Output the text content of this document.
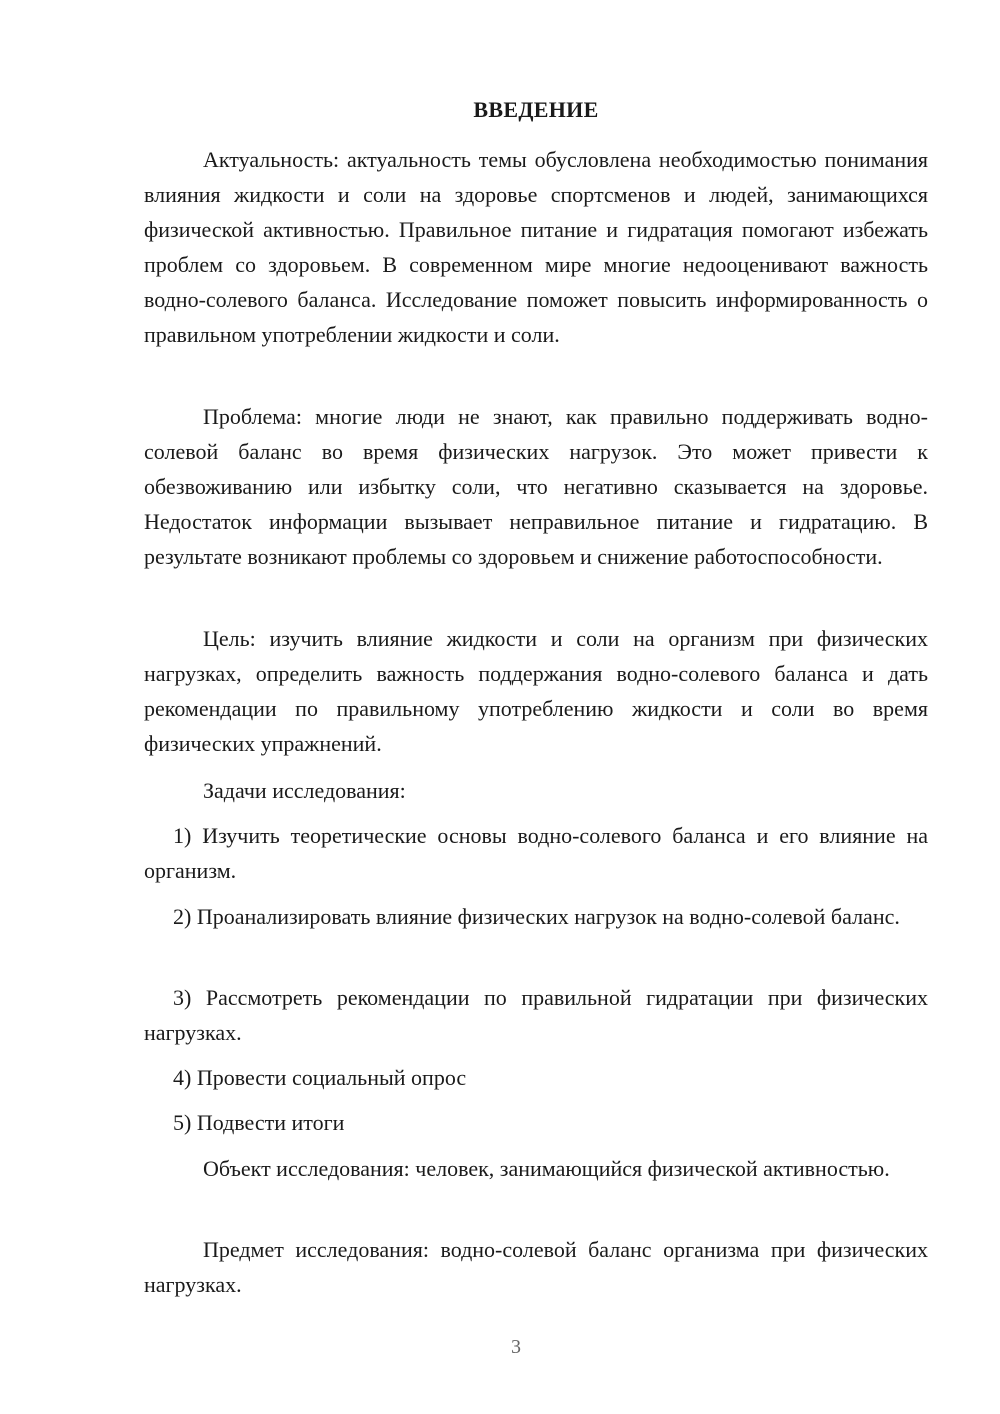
ВВЕДЕНИЕ

Актуальность: актуальность темы обусловлена необходимостью понимания влияния жидкости и соли на здоровье спортсменов и людей, занимающихся физической активностью. Правильное питание и гидратация помогают избежать проблем со здоровьем. В современном мире многие недооценивают важность водно-солевого баланса. Исследование поможет повысить информированность о правильном употреблении жидкости и соли.

Проблема: многие люди не знают, как правильно поддерживать водно-солевой баланс во время физических нагрузок. Это может привести к обезвоживанию или избытку соли, что негативно сказывается на здоровье. Недостаток информации вызывает неправильное питание и гидратацию. В результате возникают проблемы со здоровьем и снижение работоспособности.

Цель: изучить влияние жидкости и соли на организм при физических нагрузках, определить важность поддержания водно-солевого баланса и дать рекомендации по правильному употреблению жидкости и соли во время физических упражнений.

Задачи исследования:

1) Изучить теоретические основы водно-солевого баланса и его влияние на организм.

2) Проанализировать влияние физических нагрузок на водно-солевой баланс.

3) Рассмотреть рекомендации по правильной гидратации при физических нагрузках.

4) Провести социальный опрос

5) Подвести итоги

Объект исследования: человек, занимающийся физической активностью.

Предмет исследования: водно-солевой баланс организма при физических нагрузках.

3
